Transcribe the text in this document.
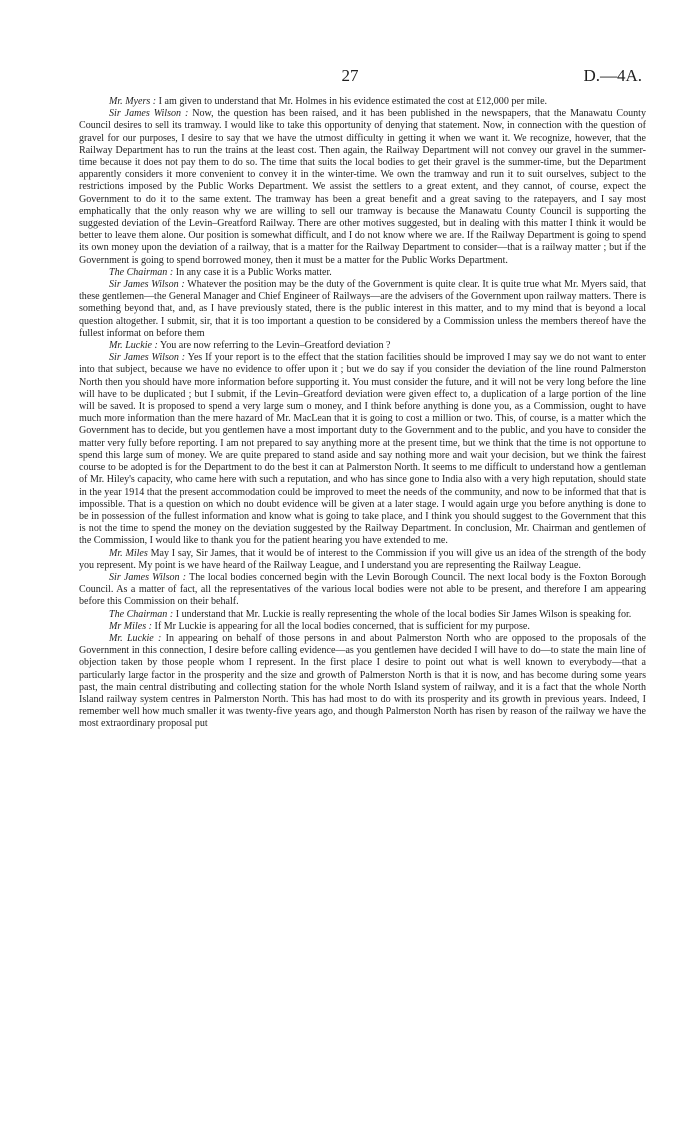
27	D.—4A.

Mr. Myers : I am given to understand that Mr. Holmes in his evidence estimated the cost at £12,000 per mile.

Sir James Wilson : Now, the question has been raised, and it has been published in the newspapers, that the Manawatu County Council desires to sell its tramway. I would like to take this opportunity of denying that statement. Now, in connection with the question of gravel for our purposes, I desire to say that we have the utmost difficulty in getting it when we want it. We recognize, however, that the Railway Department has to run the trains at the least cost. Then again, the Railway Department will not convey our gravel in the summer-time because it does not pay them to do so. The time that suits the local bodies to get their gravel is the summer-time, but the Department apparently considers it more convenient to convey it in the winter-time. We own the tramway and run it to suit ourselves, subject to the restrictions imposed by the Public Works Department. We assist the settlers to a great extent, and they cannot, of course, expect the Government to do it to the same extent. The tramway has been a great benefit and a great saving to the ratepayers, and I say most emphatically that the only reason why we are willing to sell our tramway is because the Manawatu County Council is supporting the suggested deviation of the Levin–Greatford Railway. There are other motives suggested, but in dealing with this matter I think it would be better to leave them alone. Our position is somewhat difficult, and I do not know where we are. If the Railway Department is going to spend its own money upon the deviation of a railway, that is a matter for the Railway Department to consider—that is a railway matter ; but if the Government is going to spend borrowed money, then it must be a matter for the Public Works Department.

The Chairman : In any case it is a Public Works matter.

Sir James Wilson : Whatever the position may be the duty of the Government is quite clear. It is quite true what Mr. Myers said, that these gentlemen—the General Manager and Chief Engineer of Railways—are the advisers of the Government upon railway matters. There is something beyond that, and, as I have previously stated, there is the public interest in this matter, and to my mind that is beyond a local question altogether. I submit, sir, that it is too important a question to be considered by a Commission unless the members thereof have the fullest informat on before them

Mr. Luckie : You are now referring to the Levin–Greatford deviation ?

Sir James Wilson : Yes If your report is to the effect that the station facilities should be improved I may say we do not want to enter into that subject, because we have no evidence to offer upon it ; but we do say if you consider the deviation of the line round Palmerston North then you should have more information before supporting it. You must consider the future, and it will not be very long before the line will have to be duplicated ; but I submit, if the Levin–Greatford deviation were given effect to, a duplication of a large portion of the line will be saved. It is proposed to spend a very large sum o money, and I think before anything is done you, as a Commission, ought to have much more information than the mere hazard of Mr. MacLean that it is going to cost a million or two. This, of course, is a matter which the Government has to decide, but you gentlemen have a most important duty to the Government and to the public, and you have to consider the matter very fully before reporting. I am not prepared to say anything more at the present time, but we think that the time is not opportune to spend this large sum of money. We are quite prepared to stand aside and say nothing more and wait your decision, but we think the fairest course to be adopted is for the Department to do the best it can at Palmerston North. It seems to me difficult to understand how a gentleman of Mr. Hiley's capacity, who came here with such a reputation, and who has since gone to India also with a very high reputation, should state in the year 1914 that the present accommodation could be improved to meet the needs of the community, and now to be informed that that is impossible. That is a question on which no doubt evidence will be given at a later stage. I would again urge you before anything is done to be in possession of the fullest information and know what is going to take place, and I think you should suggest to the Government that this is not the time to spend the money on the deviation suggested by the Railway Department. In conclusion, Mr. Chairman and gentlemen of the Commission, I would like to thank you for the patient hearing you have extended to me.

Mr. Miles May I say, Sir James, that it would be of interest to the Commission if you will give us an idea of the strength of the body you represent. My point is we have heard of the Railway League, and I understand you are representing the Railway League.

Sir James Wilson : The local bodies concerned begin with the Levin Borough Council. The next local body is the Foxton Borough Council. As a matter of fact, all the representatives of the various local bodies were not able to be present, and therefore I am appearing before this Commission on their behalf.

The Chairman : I understand that Mr. Luckie is really representing the whole of the local bodies Sir James Wilson is speaking for.

Mr Miles : If Mr Luckie is appearing for all the local bodies concerned, that is sufficient for my purpose.

Mr. Luckie : In appearing on behalf of those persons in and about Palmerston North who are opposed to the proposals of the Government in this connection, I desire before calling evidence—as you gentlemen have decided I will have to do—to state the main line of objection taken by those people whom I represent. In the first place I desire to point out what is well known to everybody—that a particularly large factor in the prosperity and the size and growth of Palmerston North is that it is now, and has become during some years past, the main central distributing and collecting station for the whole North Island system of railway, and it is a fact that the whole North Island railway system centres in Palmerston North. This has had most to do with its prosperity and its growth in previous years. Indeed, I remember well how much smaller it was twenty-five years ago, and though Palmerston North has risen by reason of the railway we have the most extraordinary proposal put
